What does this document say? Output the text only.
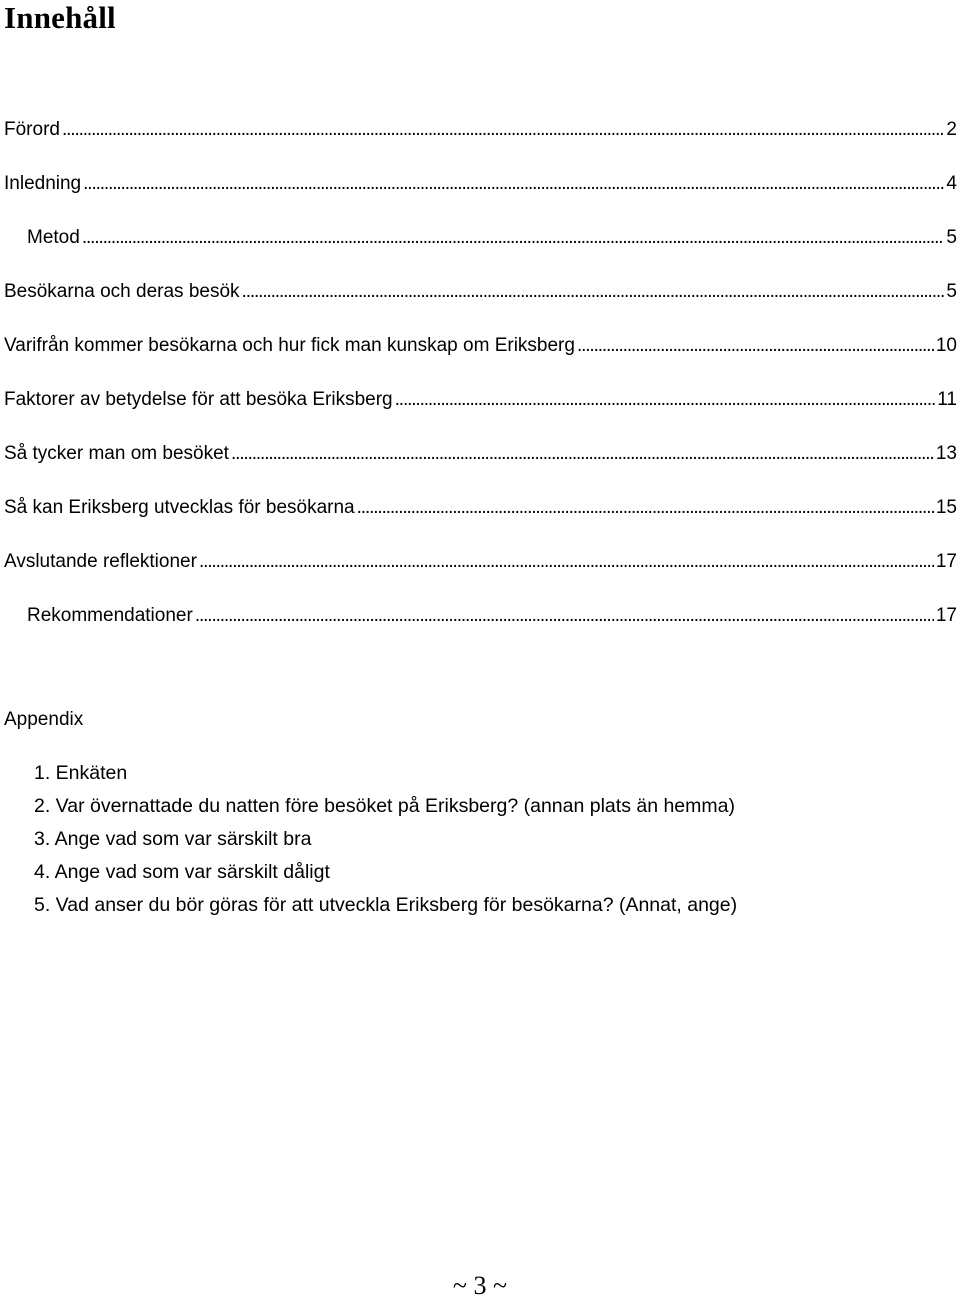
Innehåll
Förord . . .	2
Inledning . . .	4
Metod . . .	5
Besökarna och deras besök . . .	5
Varifrån kommer besökarna och hur fick man kunskap om Eriksberg . . .	10
Faktorer av betydelse för att besöka Eriksberg . . .	11
Så tycker man om besöket . . .	13
Så kan Eriksberg utvecklas för besökarna . . .	15
Avslutande reflektioner . . .	17
Rekommendationer . . .	17
Appendix
1. Enkäten
2. Var övernattade du natten före besöket på Eriksberg? (annan plats än hemma)
3. Ange vad som var särskilt bra
4. Ange vad som var särskilt dåligt
5. Vad anser du bör göras för att utveckla Eriksberg för besökarna? (Annat, ange)
~ 3 ~
